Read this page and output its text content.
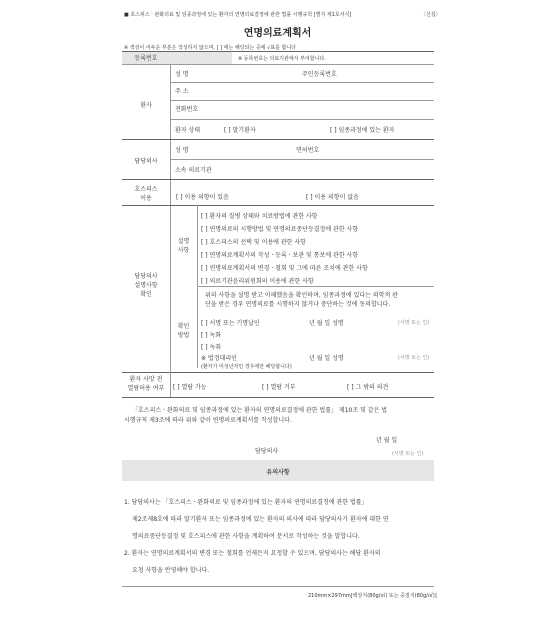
■ 호스피스ㆍ완화의료 및 임종과정에 있는 환자의 연명의료결정에 관한 법률 시행규칙 [별지 제1호서식]	〈신설〉
연명의료계획서
※ 색상이 어두운 부분은 작성하지 않으며, [ ] 에는 해당되는 곳에 √표를 합니다
등록번호	※ 등록번호는 의료기관에서 부여합니다.
환자
성 명	주민등록번호
주 소
전화번호
환자 상태	[ ] 말기환자	[ ] 임종과정에 있는 환자
담당의사
성 명	면허번호
소속 의료기관
호스피스
이용	[ ] 이용 의향이 있음	[ ] 이용 의향이 없음
담당의사
설명사항
확인
설명
사항
[ ] 환자의 질병 상태와 치료방법에 관한 사항
[ ] 연명의료의 시행방법 및 연명의료중단등결정에 관한 사항
[ ] 호스피스의 선택 및 이용에 관한 사항
[ ] 연명의료계획서의 작성ㆍ등록ㆍ보관 및 통보에 관한 사항
[ ] 연명의료계획서의 변경ㆍ철회 및 그에 따른 조치에 관한 사항
[ ] 의료기관윤리위원회의 이용에 관한 사항
위의 사항을 설명 받고 이해했음을 확인하며, 임종과정에 있다는 의학적 판
단을 받은 경우 연명의료를 시행하지 않거나 중단하는 것에 동의합니다.
확인
방법
[ ] 서명 또는 기명날인	년 월 일 성명	(서명 또는 인)
[ ] 녹화
[ ] 녹취
※ 법정대리인	년 월 일 성명	(서명 또는 인)
(환자가 미성년자인 경우에만 해당합니다)
환자 사망 전
열람허용 여부	[ ] 열람 가능	[ ] 열람 거부	[ ] 그 밖의 의견
「호스피스ㆍ완화의료 및 임종과정에 있는 환자의 연명의료결정에 관한 법률」 제10조 및 같은 법
시행규칙 제3조에 따라 위와 같이 연명의료계획서를 작성합니다.
년 월 일
담당의사	(서명 또는 인)
유의사항
1. 담당의사는 「호스피스ㆍ완화의료 및 임종과정에 있는 환자의 연명의료결정에 관한 법률」
제2조제8호에 따라 말기환자 또는 임종과정에 있는 환자의 의사에 따라 담당의사가 환자에 대한 연
명의료중단등결정 및 호스피스에 관한 사항을 계획하여 문서로 작성하는 것을 말합니다.
2. 환자는 연명의료계획서의 변경 또는 철회를 언제든지 요청할 수 있으며, 담당의사는 해당 환자의
요청 사항을 반영해야 합니다.
210mm×297mm[백상지(80g/㎡) 또는 중질지(80g/㎡)]
